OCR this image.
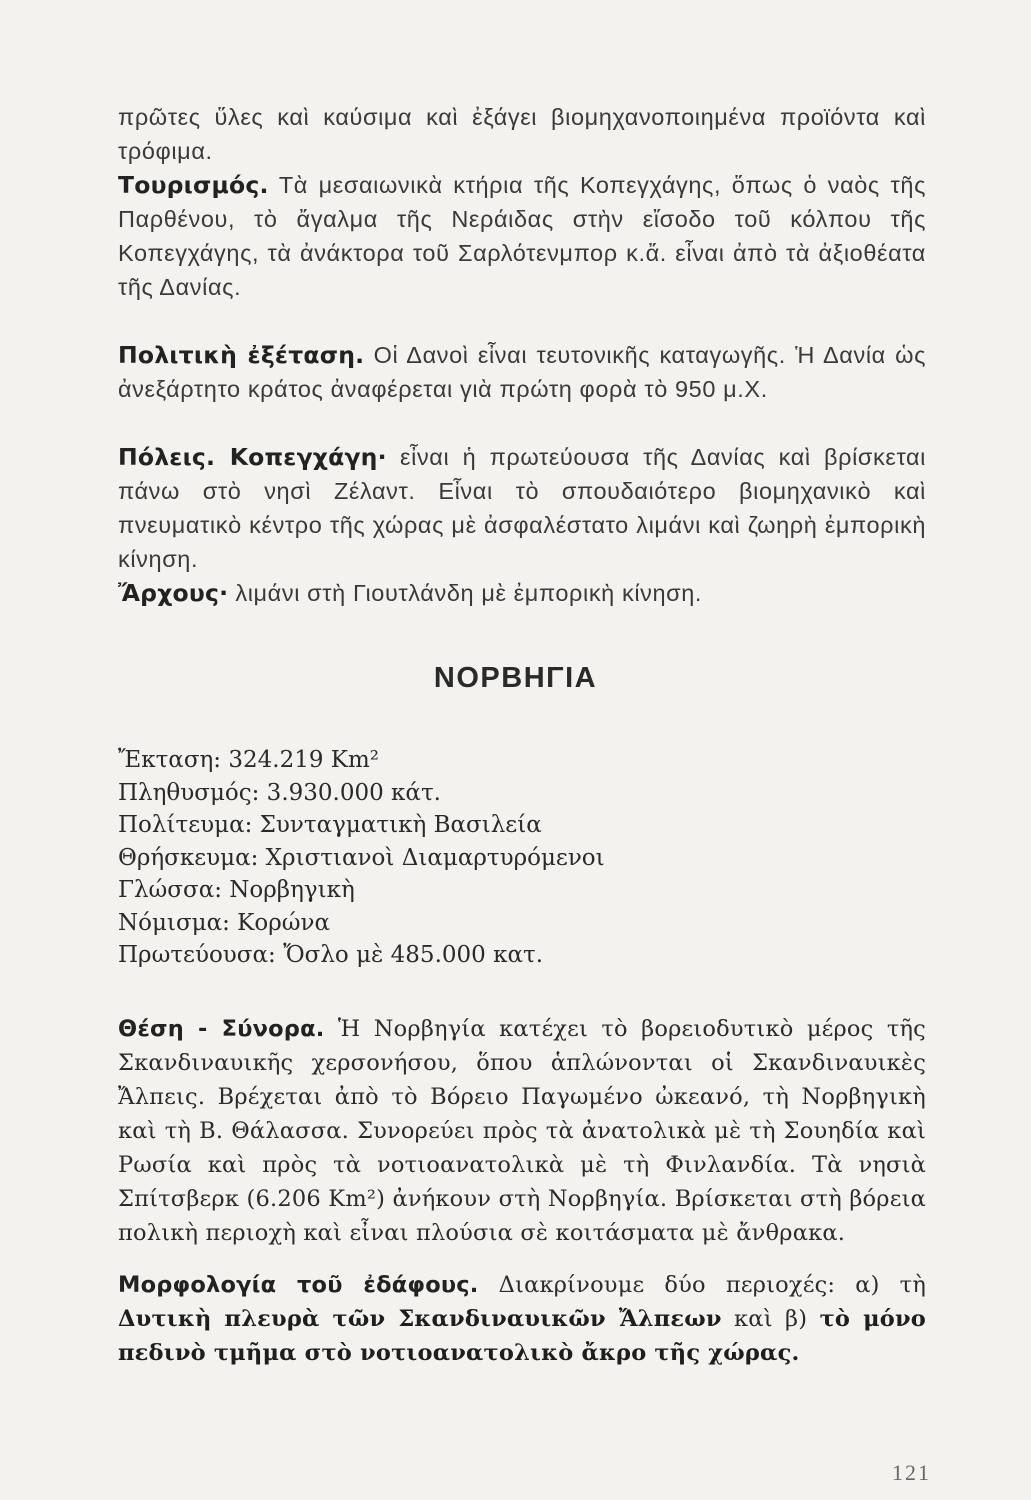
πρῶτες ὕλες καὶ καύσιμα καὶ ἐξάγει βιομηχανοποιημένα προϊόντα καὶ τρόφιμα.

Τουρισμός. Τὰ μεσαιωνικὰ κτήρια τῆς Κοπεγχάγης, ὅπως ὁ ναὸς τῆς Παρθένου, τὸ ἄγαλμα τῆς Νεράιδας στὴν εἴσοδο τοῦ κόλπου τῆς Κοπεγχάγης, τὰ ἀνάκτορα τοῦ Σαρλότενμπορ κ.ἄ. εἶναι ἀπὸ τὰ ἀξιοθέατα τῆς Δανίας.

Πολιτικὴ ἐξέταση. Οἱ Δανοὶ εἶναι τευτονικῆς καταγωγῆς. Ἡ Δανία ὡς ἀνεξάρτητο κράτος ἀναφέρεται γιὰ πρώτη φορὰ τὸ 950 μ.Χ.

Πόλεις. Κοπεγχάγη· εἶναι ἡ πρωτεύουσα τῆς Δανίας καὶ βρίσκεται πάνω στὸ νησὶ Ζέλαντ. Εἶναι τὸ σπουδαιότερο βιομηχανικὸ καὶ πνευματικὸ κέντρο τῆς χώρας μὲ ἀσφαλέστατο λιμάνι καὶ ζωηρὴ ἐμπορικὴ κίνηση.
Ἄρχους· λιμάνι στὴ Γιουτλάνδη μὲ ἐμπορικὴ κίνηση.

ΝΟΡΒΗΓΙΑ
Ἔκταση: 324.219 Km²
Πληθυσμός: 3.930.000 κάτ.
Πολίτευμα: Συνταγματικὴ Βασιλεία
Θρήσκευμα: Χριστιανοὶ Διαμαρτυρόμενοι
Γλώσσα: Νορβηγικὴ
Νόμισμα: Κορώνα
Πρωτεύουσα: Ὄσλο μὲ 485.000 κατ.

Θέση - Σύνορα. Ἡ Νορβηγία κατέχει τὸ βορειοδυτικὸ μέρος τῆς Σκανδιναυικῆς χερσονήσου, ὅπου ἁπλώνονται οἱ Σκανδιναυικὲς Ἄλπεις. Βρέχεται ἀπὸ τὸ Βόρειο Παγωμένο ὠκεανό, τὴ Νορβηγικὴ καὶ τὴ Β. Θάλασσα. Συνορεύει πρὸς τὰ ἀνατολικὰ μὲ τὴ Σουηδία καὶ Ρωσία καὶ πρὸς τὰ νοτιοανατολικὰ μὲ τὴ Φινλανδία. Τὰ νησιὰ Σπίτσβερκ (6.206 Km²) ἀνήκουν στὴ Νορβηγία. Βρίσκεται στὴ βόρεια πολικὴ περιοχὴ καὶ εἶναι πλούσια σὲ κοιτάσματα μὲ ἄνθρακα.

Μορφολογία τοῦ ἐδάφους. Διακρίνουμε δύο περιοχές: α) τὴ Δυτικὴ πλευρὰ τῶν Σκανδιναυικῶν Ἄλπεων καὶ β) τὸ μόνο πεδινὸ τμῆμα στὸ νοτιοανατολικὸ ἄκρο τῆς χώρας.

121
